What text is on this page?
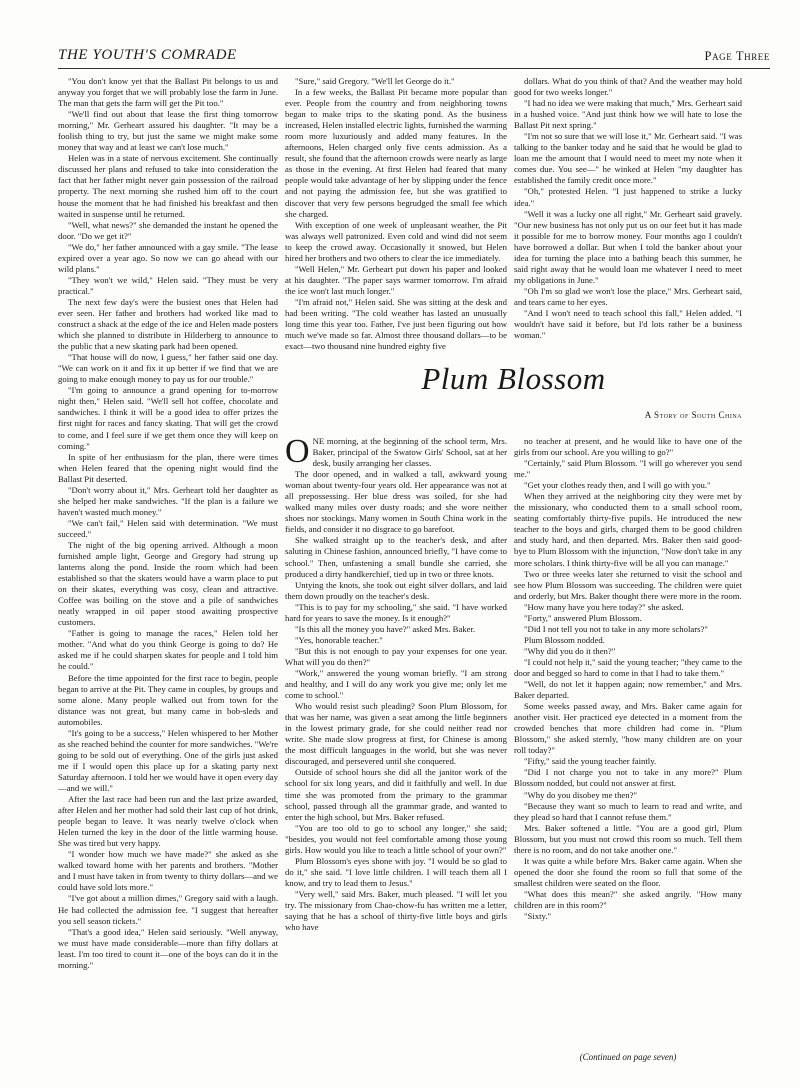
THE YOUTH'S COMRADE	Page Three

"You don't know yet that the Ballast Pit belongs to us and anyway you forget that we will probably lose the farm in June. The man that gets the farm will get the Pit too."

"We'll find out about that lease the first thing tomorrow morning," Mr. Gerheart assured his daughter. "It may be a foolish thing to try, but just the same we might make some money that way and at least we can't lose much."

Helen was in a state of nervous excitement. She continually discussed her plans and refused to take into consideration the fact that her father might never gain possession of the railroad property. The next morning she rushed him off to the court house the moment that he had finished his breakfast and then waited in suspense until he returned.

"Well, what news?" she demanded the instant he opened the door. "Do we get it?"

"We do," her father announced with a gay smile. "The lease expired over a year ago. So now we can go ahead with our wild plans."

"They won't we wild," Helen said. "They must be very practical."

The next few day's were the busiest ones that Helen had ever seen. Her father and brothers had worked like mad to construct a shack at the edge of the ice and Helen made posters which she planned to distribute in Hilderberg to announce to the public that a new skating park had been opened.

"That house will do now, I guess," her father said one day. "We can work on it and fix it up better if we find that we are going to make enough money to pay us for our trouble."

"I'm going to announce a grand opening for to-morrow night then," Helen said. "We'll sell hot coffee, chocolate and sandwiches. I think it will be a good idea to offer prizes the first night for races and fancy skating. That will get the crowd to come, and I feel sure if we get them once they will keep on coming."

In spite of her enthusiasm for the plan, there were times when Helen feared that the opening night would find the Ballast Pit deserted.

"Don't worry about it," Mrs. Gerheart told her daughter as she helped her make sandwiches. "If the plan is a failure we haven't wasted much money."

"We can't fail," Helen said with determination. "We must succeed."

The night of the big opening arrived. Although a moon furnished ample light, George and Gregory had strung up lanterns along the pond. Inside the room which had been established so that the skaters would have a warm place to put on their skates, everything was cosy, clean and attractive. Coffee was boiling on the stove and a pile of sandwiches neatly wrapped in oil paper stood awaiting prospective customers.

"Father is going to manage the races," Helen told her mother. "And what do you think George is going to do? He asked me if he could sharpen skates for people and I told him he could."

Before the time appointed for the first race to begin, people began to arrive at the Pit. They came in couples, by groups and some alone. Many people walked out from town for the distance was not great, but many came in bob-sleds and automobiles.

"It's going to be a success," Helen whispered to her Mother as she reached behind the counter for more sandwiches. "We're going to be sold out of everything. One of the girls just asked me if I would open this place up for a skating party next Saturday afternoon. I told her we would have it open every day—and we will."

After the last race had been run and the last prize awarded, after Helen and her mother had sold their last cup of hot drink, people began to leave. It was nearly twelve o'clock when Helen turned the key in the door of the little warming house. She was tired but very happy.

"I wonder how much we have made?" she asked as she walked toward home with her parents and brothers. "Mother and I must have taken in from twenty to thirty dollars—and we could have sold lots more."

"I've got about a million dimes," Gregory said with a laugh. He had collected the admission fee. "I suggest that hereafter you sell season tickets."

"That's a good idea," Helen said seriously. "Well anyway, we must have made considerable—more than fifty dollars at least. I'm too tired to count it—one of the boys can do it in the morning."

"Sure," said Gregory. "We'll let George do it."

In a few weeks, the Ballast Pit became more popular than ever. People from the country and from neighboring towns began to make trips to the skating pond. As the business increased, Helen installed electric lights, furnished the warming room more luxuriously and added many features. In the afternoons, Helen charged only five cents admission. As a result, she found that the afternoon crowds were nearly as large as those in the evening. At first Helen had feared that many people would take advantage of her by slipping under the fence and not paying the admission fee, but she was gratified to discover that very few persons begrudged the small fee which she charged.

With exception of one week of unpleasant weather, the Pit was always well patronized. Even cold and wind did not seem to keep the crowd away. Occasionally it snowed, but Helen hired her brothers and two others to clear the ice immediately.

"Well Helen," Mr. Gerheart put down his paper and looked at his daughter. "The paper says warmer tomorrow. I'm afraid the ice won't last much longer."

"I'm afraid not," Helen said. She was sitting at the desk and had been writing. "The cold weather has lasted an unusually long time this year too. Father, I've just been figuring out how much we've made so far. Almost three thousand dollars—to be exact—two thousand nine hundred eighty five

dollars. What do you think of that? And the weather may hold good for two weeks longer."

"I had no idea we were making that much," Mrs. Gerheart said in a hushed voice. "And just think how we will hate to lose the Ballast Pit next spring."

"I'm not so sure that we will lose it," Mr. Gerheart said. "I was talking to the banker today and he said that he would be glad to loan me the amount that I would need to meet my note when it comes due. You see—" he winked at Helen "my daughter has established the family credit once more."

"Oh," protested Helen. "I just happened to strike a lucky idea."

"Well it was a lucky one all right," Mr. Gerheart said gravely. "Our new business has not only put us on our feet but it has made it possible for me to borrow money. Four months ago I couldn't have borrowed a dollar. But when I told the banker about your idea for turning the place into a bathing beach this summer, he said right away that he would loan me whatever I need to meet my obligations in June."

"Oh I'm so glad we won't lose the place," Mrs. Gerheart said, and tears came to her eyes.

"And I won't need to teach school this fall," Helen added. "I wouldn't have said it before, but I'd lots rather be a business woman."

Plum Blossom
A Story of South China

ONE morning, at the beginning of the school term, Mrs. Baker, principal of the Swatow Girls' School, sat at her desk, busily arranging her classes.

The door opened, and in walked a tall, awkward young woman about twenty-four years old. Her appearance was not at all prepossessing. Her blue dress was soiled, for she had walked many miles over dusty roads; and she wore neither shoes nor stockings. Many women in South China work in the fields, and consider it no disgrace to go barefoot.

She walked straight up to the teacher's desk, and after saluting in Chinese fashion, announced briefly, "I have come to school." Then, unfastening a small bundle she carried, she produced a dirty handkerchief, tied up in two or three knots.

Untying the knots, she took out eight silver dollars, and laid them down proudly on the teacher's desk.

"This is to pay for my schooling," she said. "I have worked hard for years to save the money. Is it enough?"

"Is this all the money you have?" asked Mrs. Baker.

"Yes, honorable teacher."

"But this is not enough to pay your expenses for one year. What will you do then?"

"Work," answered the young woman briefly. "I am strong and healthy, and I will do any work you give me; only let me come to school."

Who would resist such pleading? Soon Plum Blossom, for that was her name, was given a seat among the little beginners in the lowest primary grade, for she could neither read nor write. She made slow progress at first, for Chinese is among the most difficult languages in the world, but she was never discouraged, and persevered until she conquered.

Outside of school hours she did all the janitor work of the school for six long years, and did it faithfully and well. In due time she was promoted from the primary to the grammar school, passed through all the grammar grade, and wanted to enter the high school, but Mrs. Baker refused.

"You are too old to go to school any longer," she said; "besides, you would not feel comfortable among those young girls. How would you like to teach a little school of your own?"

Plum Blossom's eyes shone with joy. "I would be so glad to do it," she said. "I love little children. I will teach them all I know, and try to lead them to Jesus."

"Very well," said Mrs. Baker, much pleased. "I will let you try. The missionary from Chao-chow-fu has written me a letter, saying that he has a school of thirty-five little boys and girls who have

no teacher at present, and he would like to have one of the girls from our school. Are you willing to go?"

"Certainly," said Plum Blossom. "I will go wherever you send me."

"Get your clothes ready then, and I will go with you."

When they arrived at the neighboring city they were met by the missionary, who conducted them to a small school room, seating comfortably thirty-five pupils. He introduced the new teacher to the boys and girls, charged them to be good children and study hard, and then departed. Mrs. Baker then said good-bye to Plum Blossom with the injunction, "Now don't take in any more scholars. I think thirty-five will be all you can manage."

Two or three weeks later she returned to visit the school and see how Plum Blossom was succeeding. The children were quiet and orderly, but Mrs. Baker thought there were more in the room.

"How many have you here today?" she asked.

"Forty," answered Plum Blossom.

"Did I not tell you not to take in any more scholars?"

Plum Blossom nodded.

"Why did you do it then?"

"I could not help it," said the young teacher; "they came to the door and begged so hard to come in that I had to take them."

"Well, do not let it happen again; now remember," and Mrs. Baker departed.

Some weeks passed away, and Mrs. Baker came again for another visit. Her practiced eye detected in a moment from the crowded benches that more children had come in. "Plum Blossom," she asked sternly, "how many children are on your roll today?"

"Fifty," said the young teacher faintly.

"Did I not charge you not to take in any more?" Plum Blossom nodded, but could not answer at first.

"Why do you disobey me then?"

"Because they want so much to learn to read and write, and they plead so hard that I cannot refuse them."

Mrs. Baker softened a little. "You are a good girl, Plum Blossom, but you must not crowd this room so much. Tell them there is no room, and do not take another one."

It was quite a while before Mrs. Baker came again. When she opened the door she found the room so full that some of the smallest children were seated on the floor.

"What does this mean?" she asked angrily. "How many children are in this room?"

"Sixty."

(Continued on page seven)
